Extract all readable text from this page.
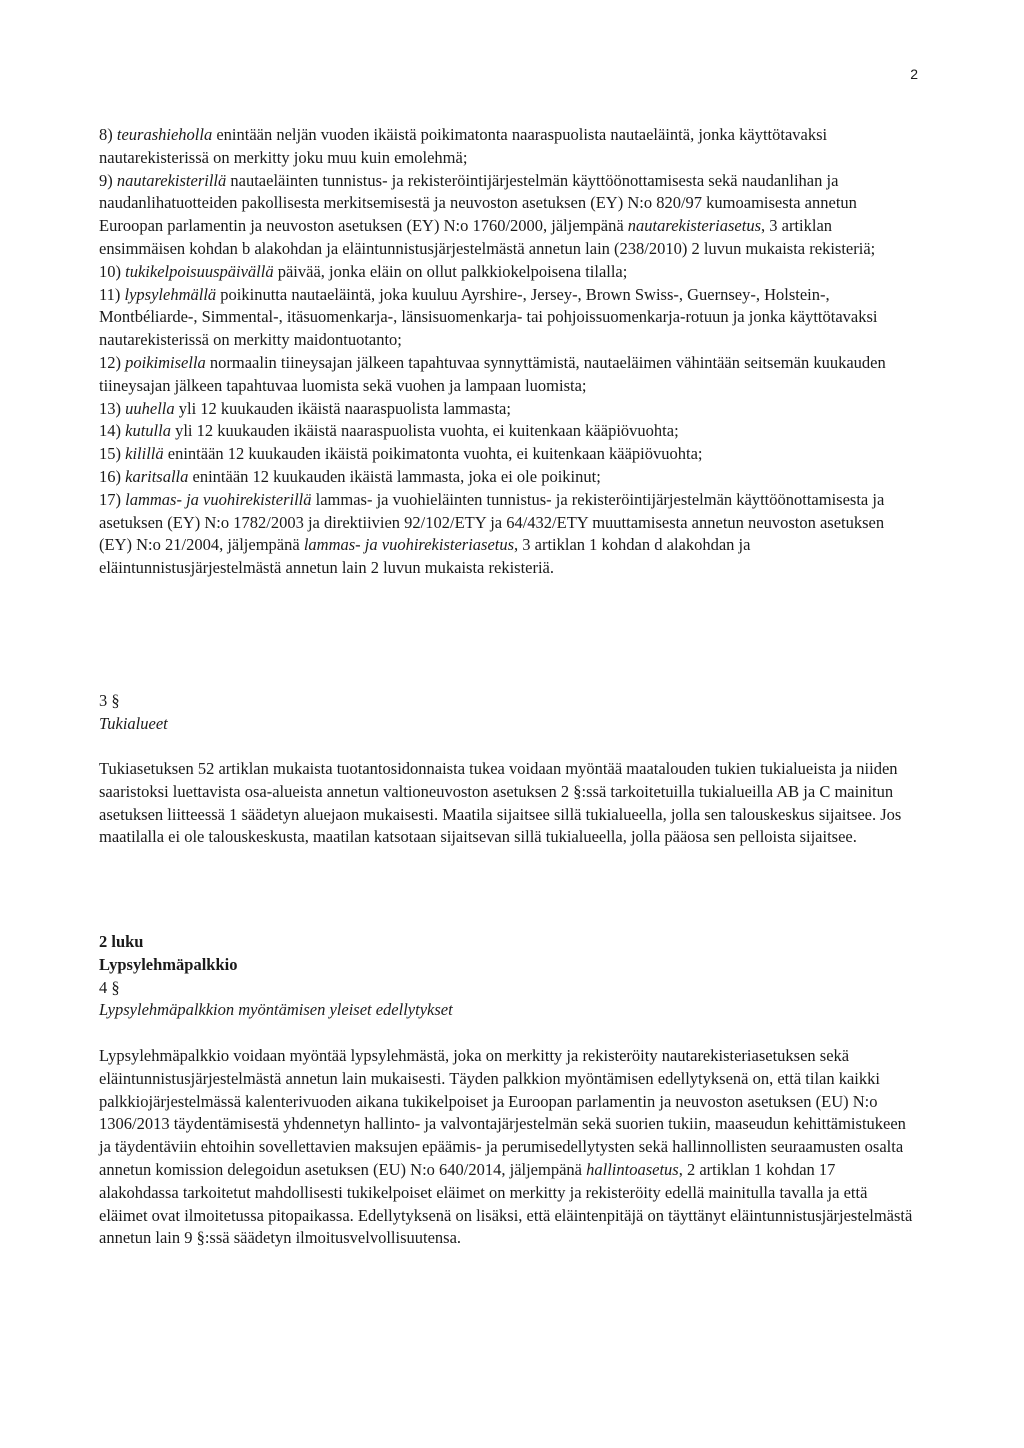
2

8) teurashieholla enintään neljän vuoden ikäistä poikimatonta naaraspuolista nautaeläintä, jonka käyttötavaksi nautarekisterissä on merkitty joku muu kuin emolehmä;

9) nautarekisterillä nautaeläinten tunnistus- ja rekisteröintijärjestelmän käyttöönottamisesta sekä naudanlihan ja naudanlihatuotteiden pakollisesta merkitsemisestä ja neuvoston asetuksen (EY) N:o 820/97 kumoamisesta annetun Euroopan parlamentin ja neuvoston asetuksen (EY) N:o 1760/2000, jäljempänä nautarekisteriasetus, 3 artiklan ensimmäisen kohdan b alakohdan ja eläintunnistusjärjestelmästä annetun lain (238/2010) 2 luvun mukaista rekisteriä;

10) tukikelpoisuuspäivällä päivää, jonka eläin on ollut palkkiokelpoisena tilalla;

11) lypsylehmällä poikinutta nautaeläintä, joka kuuluu Ayrshire-, Jersey-, Brown Swiss-, Guernsey-, Holstein-, Montbéliarde-, Simmental-, itäsuomenkarja-, länsisuomenkarja- tai pohjoissuomenkarja-rotuun ja jonka käyttötavaksi nautarekisterissä on merkitty maidontuotanto;

12) poikimisella normaalin tiineysajan jälkeen tapahtuvaa synnyttämistä, nautaeläimen vähintään seitsemän kuukauden tiineysajan jälkeen tapahtuvaa luomista sekä vuohen ja lampaan luomista;

13) uuhella yli 12 kuukauden ikäistä naaraspuolista lammasta;

14) kutulla yli 12 kuukauden ikäistä naaraspuolista vuohta, ei kuitenkaan kääpiövuohta;

15) kilillä enintään 12 kuukauden ikäistä poikimatonta vuohta, ei kuitenkaan kääpiövuohta;

16) karitsalla enintään 12 kuukauden ikäistä lammasta, joka ei ole poikinut;

17) lammas- ja vuohirekisterillä lammas- ja vuohieläinten tunnistus- ja rekisteröintijärjestelmän käyttöönottamisesta ja asetuksen (EY) N:o 1782/2003 ja direktiivien 92/102/ETY ja 64/432/ETY muuttamisesta annetun neuvoston asetuksen (EY) N:o 21/2004, jäljempänä lammas- ja vuohirekisteriasetus, 3 artiklan 1 kohdan d alakohdan ja eläintunnistusjärjestelmästä annetun lain 2 luvun mukaista rekisteriä.

3 §

Tukialueet

Tukiasetuksen 52 artiklan mukaista tuotantosidonnaista tukea voidaan myöntää maatalouden tukien tukialueista ja niiden saaristoksi luettavista osa-alueista annetun valtioneuvoston asetuksen 2 §:ssä tarkoitetuilla tukialueilla AB ja C mainitun asetuksen liitteessä 1 säädetyn aluejaon mukaisesti. Maatila sijaitsee sillä tukialueella, jolla sen talouskeskus sijaitsee. Jos maatilalla ei ole talouskeskusta, maatilan katsotaan sijaitsevan sillä tukialueella, jolla pääosa sen pelloista sijaitsee.

2 luku

Lypsylehmäpalkkio

4 §

Lypsylehmäpalkkion myöntämisen yleiset edellytykset

Lypsylehmäpalkkio voidaan myöntää lypsylehmästä, joka on merkitty ja rekisteröity nautarekisteriasetuksen sekä eläintunnistusjärjestelmästä annetun lain mukaisesti. Täyden palkkion myöntämisen edellytyksenä on, että tilan kaikki palkkiojärjestelmässä kalenterivuoden aikana tukikelpoiset ja Euroopan parlamentin ja neuvoston asetuksen (EU) N:o 1306/2013 täydentämisestä yhdennetyn hallinto- ja valvontajärjestelmän sekä suorien tukiin, maaseudun kehittämistukeen ja täydentäviin ehtoihin sovellettavien maksujen epäämis- ja perumisedellytysten sekä hallinnollisten seuraamusten osalta annetun komission delegoidun asetuksen (EU) N:o 640/2014, jäljempänä hallintoasetus, 2 artiklan 1 kohdan 17 alakohdassa tarkoitetut mahdollisesti tukikelpoiset eläimet on merkitty ja rekisteröity edellä mainitulla tavalla ja että eläimet ovat ilmoitetussa pitopaikassa. Edellytyksenä on lisäksi, että eläintenpitäjä on täyttänyt eläintunnistusjärjestelmästä annetun lain 9 §:ssä säädetyn ilmoitusvelvollisuutensa.
